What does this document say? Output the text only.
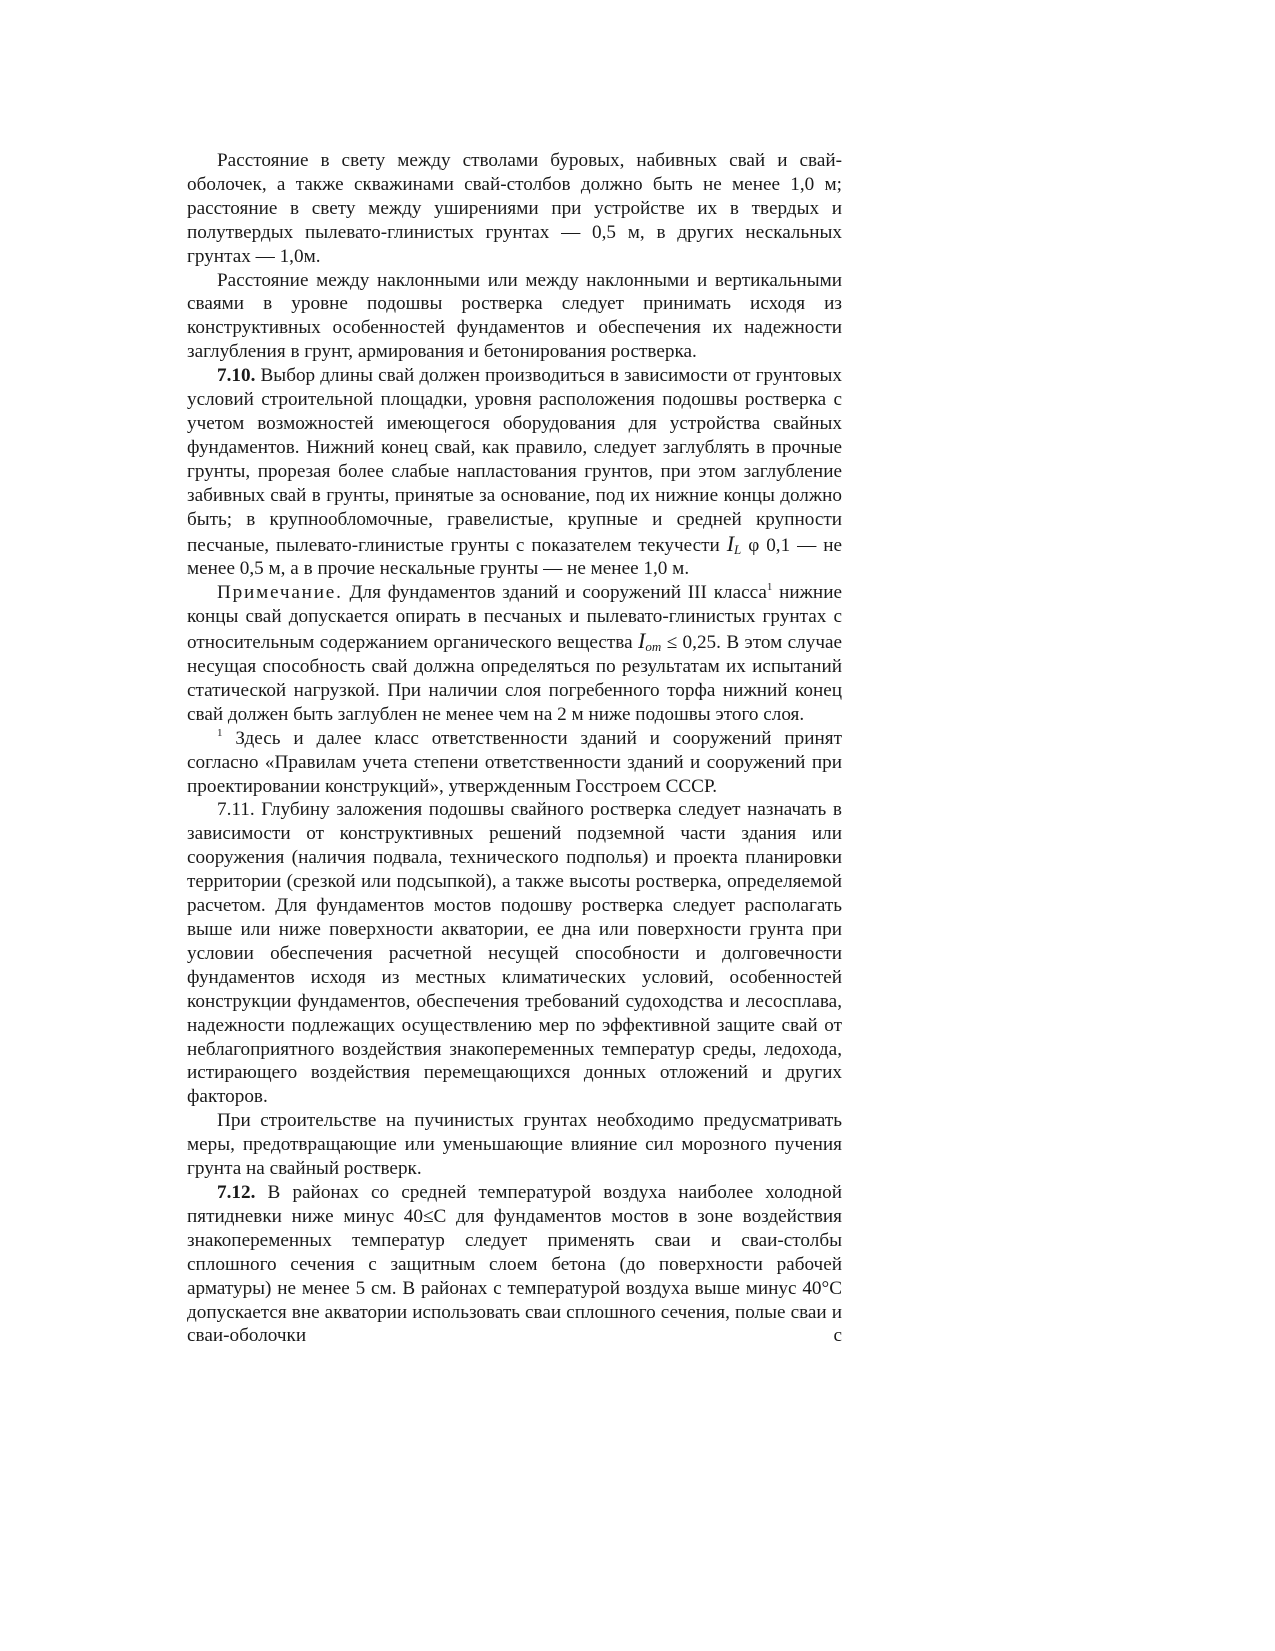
Расстояние в свету между стволами буровых, набивных свай и свай-оболочек, а также скважинами свай-столбов должно быть не менее 1,0 м; расстояние в свету между уширениями при устройстве их в твердых и полутвердых пылевато-глинистых грунтах — 0,5 м, в других нескальных грунтах — 1,0м.

Расстояние между наклонными или между наклонными и вертикальными сваями в уровне подошвы ростверка следует принимать исходя из конструктивных особенностей фундаментов и обеспечения их надежности заглубления в грунт, армирования и бетонирования ростверка.

7.10. Выбор длины свай должен производиться в зависимости от грунтовых условий строительной площадки, уровня расположения подошвы ростверка с учетом возможностей имеющегося оборудования для устройства свайных фундаментов. Нижний конец свай, как правило, следует заглублять в прочные грунты, прорезая более слабые напластования грунтов, при этом заглубление забивных свай в грунты, принятые за основание, под их нижние концы должно быть; в крупнообломочные, гравелистые, крупные и средней крупности песчаные, пылевато-глинистые грунты с показателем текучести $I_L$ φ 0,1 — не менее 0,5 м, а в прочие нескальные грунты — не менее 1,0 м.

Примечание. Для фундаментов зданий и сооружений III класса$^1$ нижние концы свай допускается опирать в песчаных и пылевато-глинистых грунтах с относительным содержанием органического вещества $I_{om} \le 0,25$. В этом случае несущая способность свай должна определяться по результатам их испытаний статической нагрузкой. При наличии слоя погребенного торфа нижний конец свай должен быть заглублен не менее чем на 2 м ниже подошвы этого слоя.

$^1$ Здесь и далее класс ответственности зданий и сооружений принят согласно «Правилам учета степени ответственности зданий и сооружений при проектировании конструкций», утвержденным Госстроем СССР.

7.11. Глубину заложения подошвы свайного ростверка следует назначать в зависимости от конструктивных решений подземной части здания или сооружения (наличия подвала, технического подполья) и проекта планировки территории (срезкой или подсыпкой), а также высоты ростверка, определяемой расчетом. Для фундаментов мостов подошву ростверка следует располагать выше или ниже поверхности акватории, ее дна или поверхности грунта при условии обеспечения расчетной несущей способности и долговечности фундаментов исходя из местных климатических условий, особенностей конструкции фундаментов, обеспечения требований судоходства и лесосплава, надежности подлежащих осуществлению мер по эффективной защите свай от неблагоприятного воздействия знакопеременных температур среды, ледохода, истирающего воздействия перемещающихся донных отложений и других факторов.

При строительстве на пучинистых грунтах необходимо предусматривать меры, предотвращающие или уменьшающие влияние сил морозного пучения грунта на свайный ростверк.

7.12. В районах со средней температурой воздуха наиболее холодной пятидневки ниже минус 40≤С для фундаментов мостов в зоне воздействия знакопеременных температур следует применять сваи и сваи-столбы сплошного сечения с защитным слоем бетона (до поверхности рабочей арматуры) не менее 5 см. В районах с температурой воздуха выше минус 40°С допускается вне акватории использовать сваи сплошного сечения, полые сваи и сваи-оболочки с
